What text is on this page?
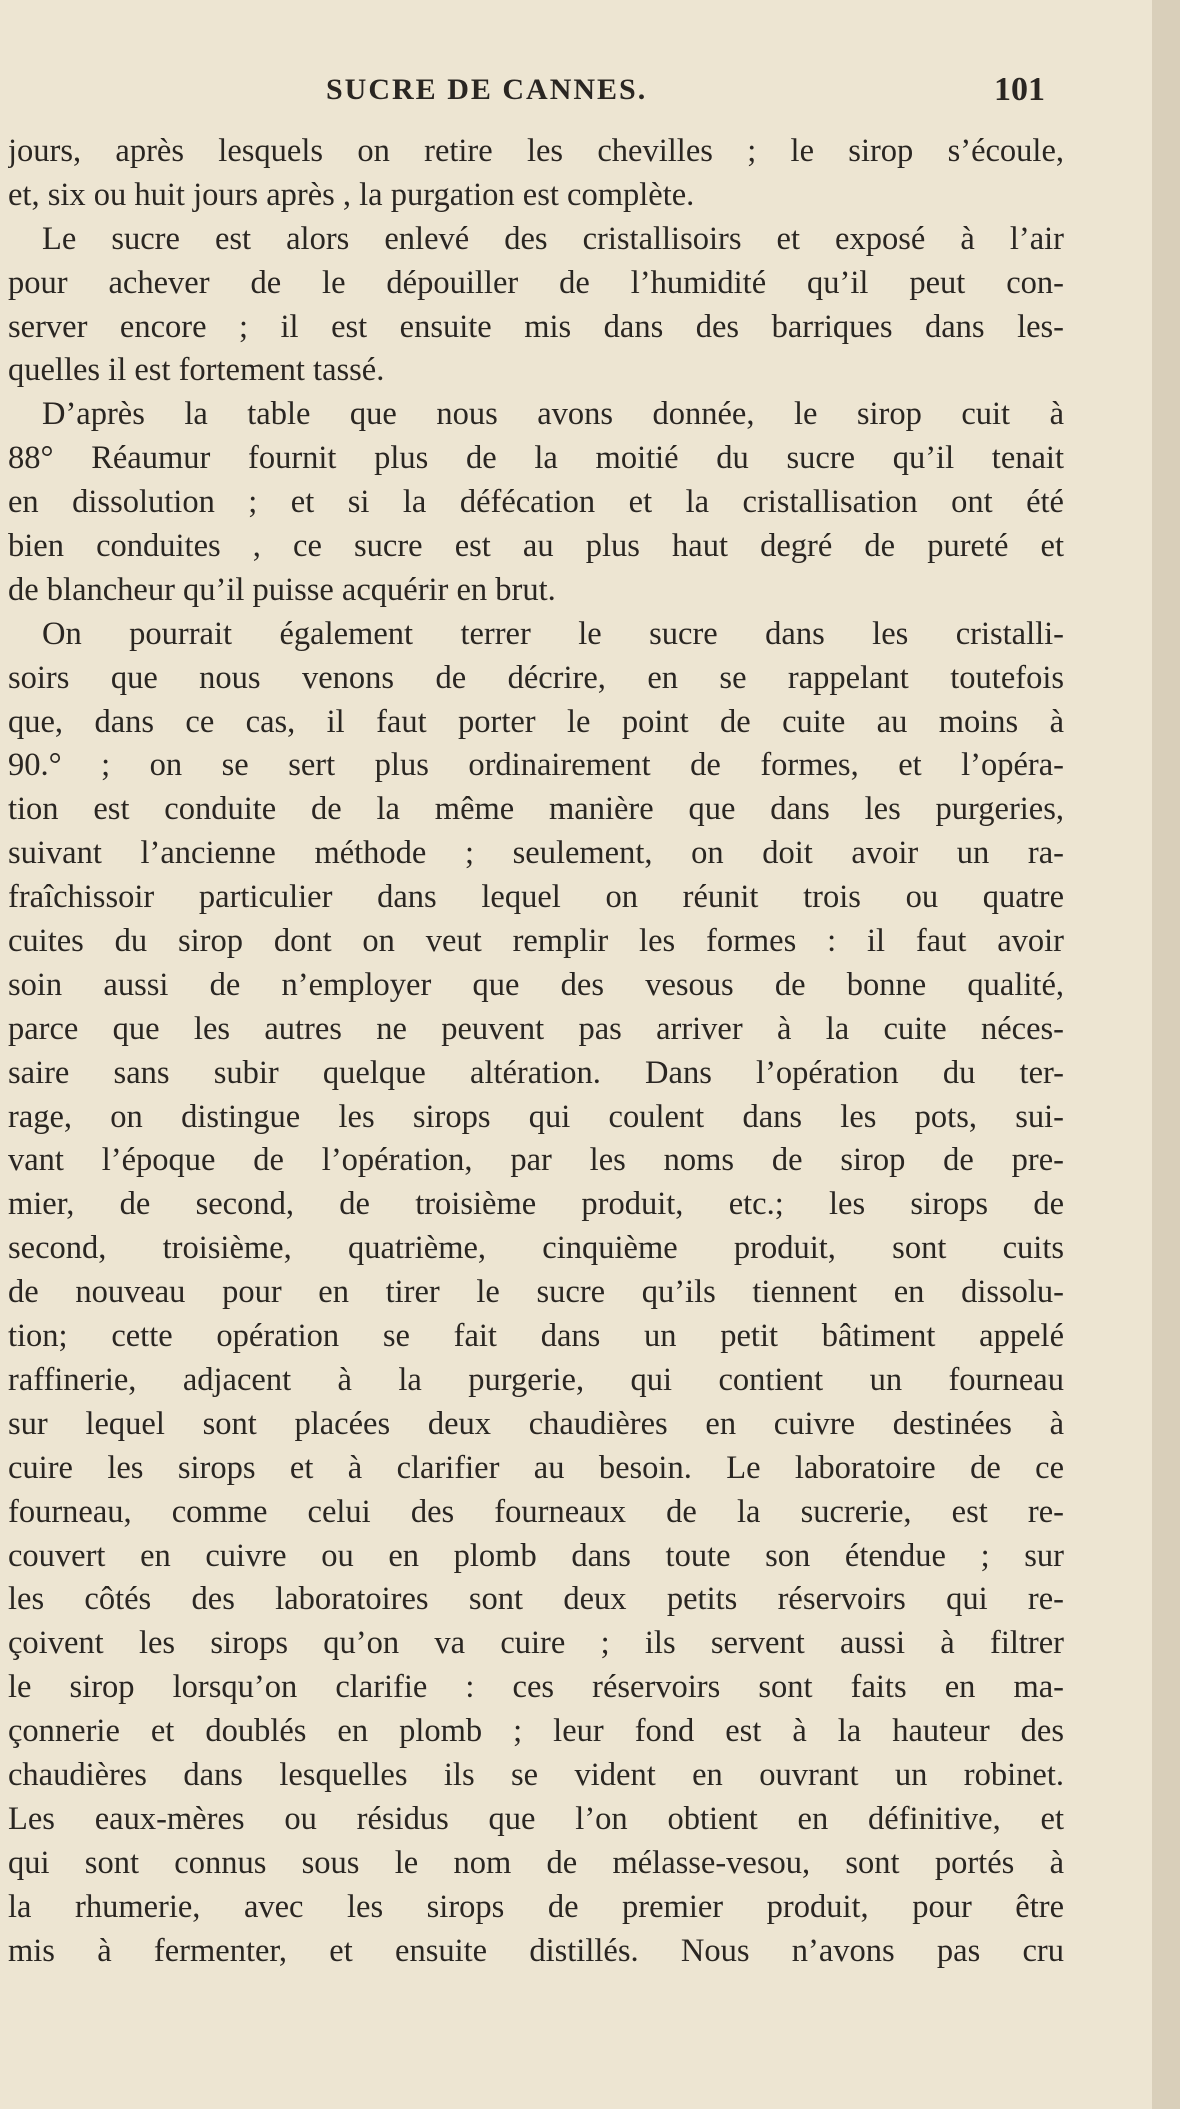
SUCRE DE CANNES.	101
jours, après lesquels on retire les chevilles ; le sirop s’écoule,
et, six ou huit jours après , la purgation est complète.
Le sucre est alors enlevé des cristallisoirs et exposé à l’air
pour achever de le dépouiller de l’humidité qu’il peut con-
server encore ; il est ensuite mis dans des barriques dans les-
quelles il est fortement tassé.
D’après la table que nous avons donnée, le sirop cuit à
88° Réaumur fournit plus de la moitié du sucre qu’il tenait
en dissolution ; et si la défécation et la cristallisation ont été
bien conduites , ce sucre est au plus haut degré de pureté et
de blancheur qu’il puisse acquérir en brut.
On pourrait également terrer le sucre dans les cristalli-
soirs que nous venons de décrire, en se rappelant toutefois
que, dans ce cas, il faut porter le point de cuite au moins à
90.° ; on se sert plus ordinairement de formes, et l’opéra-
tion est conduite de la même manière que dans les purgeries,
suivant l’ancienne méthode ; seulement, on doit avoir un ra-
fraîchissoir particulier dans lequel on réunit trois ou quatre
cuites du sirop dont on veut remplir les formes : il faut avoir
soin aussi de n’employer que des vesous de bonne qualité,
parce que les autres ne peuvent pas arriver à la cuite néces-
saire sans subir quelque altération. Dans l’opération du ter-
rage, on distingue les sirops qui coulent dans les pots, sui-
vant l’époque de l’opération, par les noms de sirop de pre-
mier, de second, de troisième produit, etc.; les sirops de
second, troisième, quatrième, cinquième produit, sont cuits
de nouveau pour en tirer le sucre qu’ils tiennent en dissolu-
tion; cette opération se fait dans un petit bâtiment appelé
raffinerie, adjacent à la purgerie, qui contient un fourneau
sur lequel sont placées deux chaudières en cuivre destinées à
cuire les sirops et à clarifier au besoin. Le laboratoire de ce
fourneau, comme celui des fourneaux de la sucrerie, est re-
couvert en cuivre ou en plomb dans toute son étendue ; sur
les côtés des laboratoires sont deux petits réservoirs qui re-
çoivent les sirops qu’on va cuire ; ils servent aussi à filtrer
le sirop lorsqu’on clarifie : ces réservoirs sont faits en ma-
çonnerie et doublés en plomb ; leur fond est à la hauteur des
chaudières dans lesquelles ils se vident en ouvrant un robinet.
Les eaux-mères ou résidus que l’on obtient en définitive, et
qui sont connus sous le nom de mélasse-vesou, sont portés à
la rhumerie, avec les sirops de premier produit, pour être
mis à fermenter, et ensuite distillés. Nous n’avons pas cru
